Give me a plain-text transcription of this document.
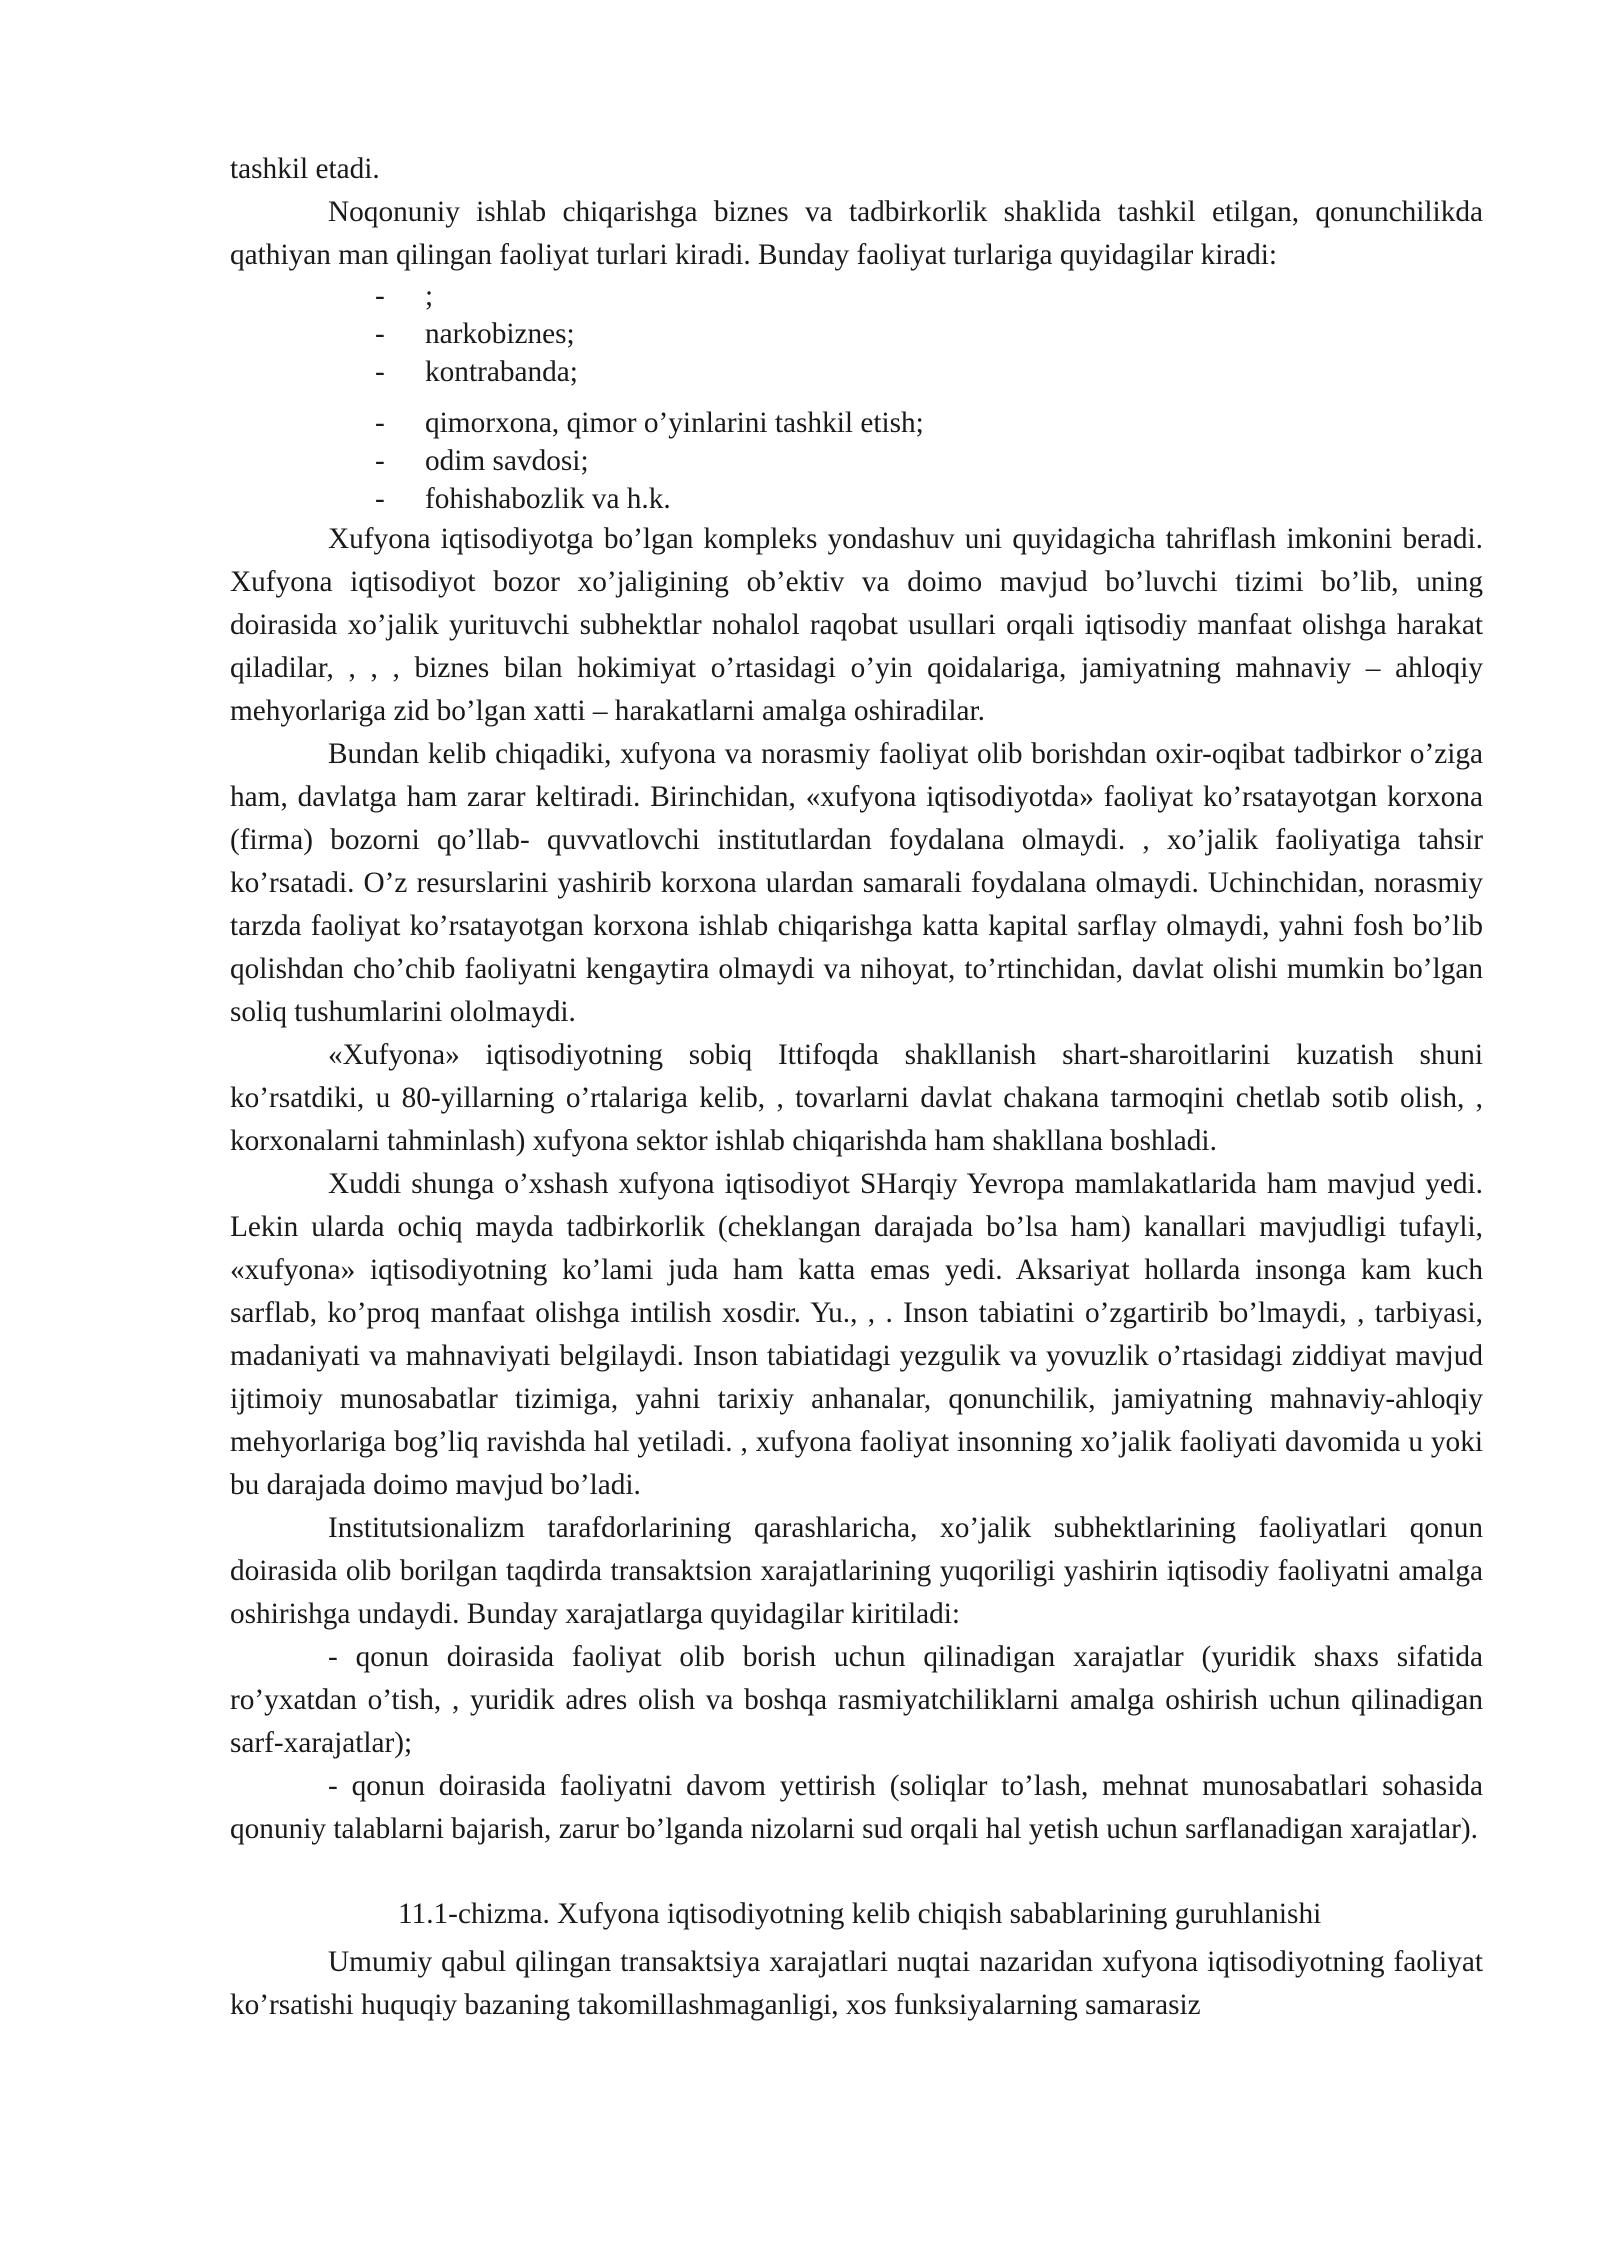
tashkil etadi.

Noqonuniy ishlab chiqarishga biznes va tadbirkorlik shaklida tashkil etilgan, qonunchilikda qathiyan man qilingan faoliyat turlari kiradi. Bunday faoliyat turlariga quyidagilar kiradi:

- ;
- narkobiznes;
- kontrabanda;
- qimorxona, qimor o’yinlarini tashkil etish;
- odim savdosi;
- fohishabozlik va h.k.

Xufyona iqtisodiyotga bo’lgan kompleks yondashuv uni quyidagicha tahriflash imkonini beradi. Xufyona iqtisodiyot bozor xo’jaligining ob’ektiv va doimo mavjud bo’luvchi tizimi bo’lib, uning doirasida xo’jalik yurituvchi subhektlar nohalol raqobat usullari orqali iqtisodiy manfaat olishga harakat qiladilar, , , , biznes bilan hokimiyat o’rtasidagi o’yin qoidalariga, jamiyatning mahnaviy – ahloqiy mehyorlariga zid bo’lgan xatti – harakatlarni amalga oshiradilar.

Bundan kelib chiqadiki, xufyona va norasmiy faoliyat olib borishdan oxir-oqibat tadbirkor o’ziga ham, davlatga ham zarar keltiradi. Birinchidan, «xufyona iqtisodiyotda» faoliyat ko’rsatayotgan korxona (firma) bozorni qo’llab- quvvatlovchi institutlardan foydalana olmaydi. , xo’jalik faoliyatiga tahsir ko’rsatadi. O’z resurslarini yashirib korxona ulardan samarali foydalana olmaydi. Uchinchidan, norasmiy tarzda faoliyat ko’rsatayotgan korxona ishlab chiqarishga katta kapital sarflay olmaydi, yahni fosh bo’lib qolishdan cho’chib faoliyatni kengaytira olmaydi va nihoyat, to’rtinchidan, davlat olishi mumkin bo’lgan soliq tushumlarini ololmaydi.

«Xufyona» iqtisodiyotning sobiq Ittifoqda shakllanish shart-sharoitlarini kuzatish shuni ko’rsatdiki, u 80-yillarning o’rtalariga kelib, , tovarlarni davlat chakana tarmoqini chetlab sotib olish, , korxonalarni tahminlash) xufyona sektor ishlab chiqarishda ham shakllana boshladi.

Xuddi shunga o’xshash xufyona iqtisodiyot SHarqiy Yevropa mamlakatlarida ham mavjud yedi. Lekin ularda ochiq mayda tadbirkorlik (cheklangan darajada bo’lsa ham) kanallari mavjudligi tufayli, «xufyona» iqtisodiyotning ko’lami juda ham katta emas yedi. Aksariyat hollarda insonga kam kuch sarflab, ko’proq manfaat olishga intilish xosdir. Yu., , . Inson tabiatini o’zgartirib bo’lmaydi, , tarbiyasi, madaniyati va mahnaviyati belgilaydi. Inson tabiatidagi yezgulik va yovuzlik o’rtasidagi ziddiyat mavjud ijtimoiy munosabatlar tizimiga, yahni tarixiy anhanalar, qonunchilik, jamiyatning mahnaviy-ahloqiy mehyorlariga bog’liq ravishda hal yetiladi. , xufyona faoliyat insonning xo’jalik faoliyati davomida u yoki bu darajada doimo mavjud bo’ladi.

Institutsionalizm tarafdorlarining qarashlaricha, xo’jalik subhektlarining faoliyatlari qonun doirasida olib borilgan taqdirda transaktsion xarajatlarining yuqoriligi yashirin iqtisodiy faoliyatni amalga oshirishga undaydi. Bunday xarajatlarga quyidagilar kiritiladi:

- qonun doirasida faoliyat olib borish uchun qilinadigan xarajatlar (yuridik shaxs sifatida ro’yxatdan o’tish, , yuridik adres olish va boshqa rasmiyatchiliklarni amalga oshirish uchun qilinadigan sarf-xarajatlar);

- qonun doirasida faoliyatni davom yettirish (soliqlar to’lash, mehnat munosabatlari sohasida qonuniy talablarni bajarish, zarur bo’lganda nizolarni sud orqali hal yetish uchun sarflanadigan xarajatlar).

11.1-chizma. Xufyona iqtisodiyotning kelib chiqish sabablarining guruhlanishi

Umumiy qabul qilingan transaktsiya xarajatlari nuqtai nazaridan xufyona iqtisodiyotning faoliyat ko’rsatishi huquqiy bazaning takomillashmaganligi, xos funksiyalarning samarasiz
